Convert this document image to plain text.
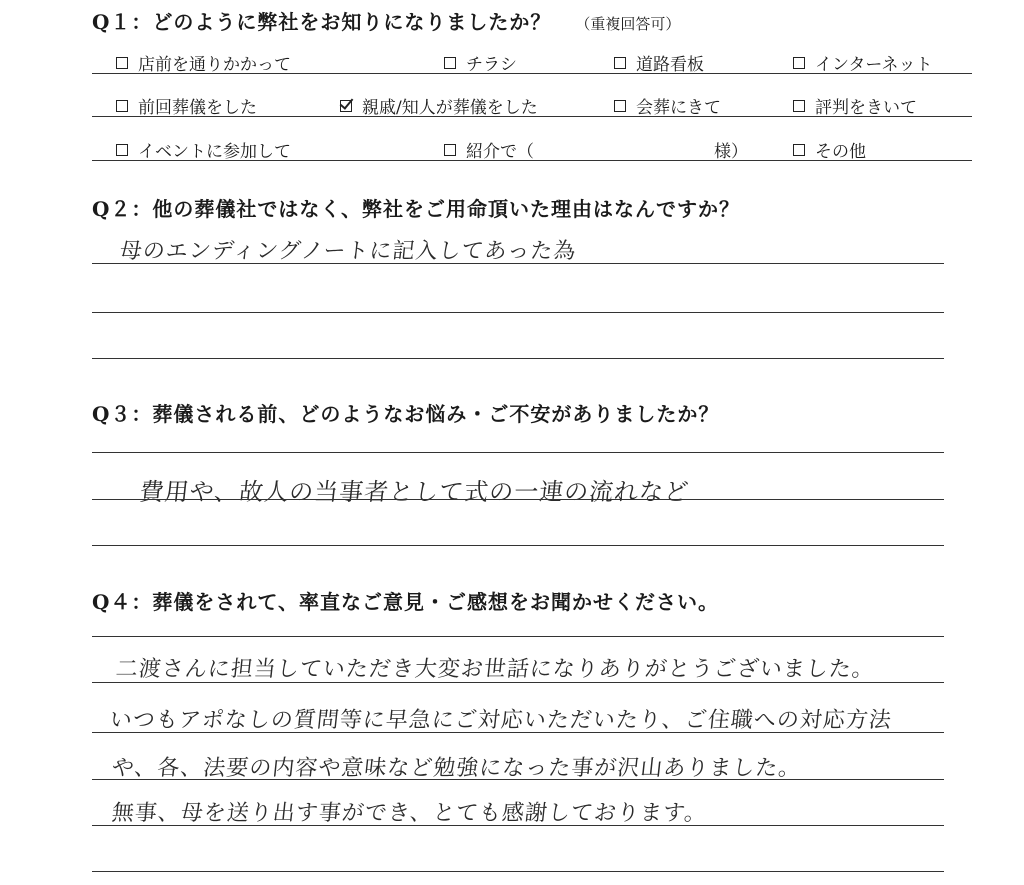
Q１：どのように弊社をお知りになりましたか？ （重複回答可）
店前を通りかかって	チラシ	道路看板	インターネット
前回葬儀をした	親戚/知人が葬儀をした	会葬にきて	評判をきいて
イベントに参加して	紹介で（	様）	その他
Q２：他の葬儀社ではなく、弊社をご用命頂いた理由はなんですか？
母のエンディングノートに記入してあった為
Q３：葬儀される前、どのようなお悩み・ご不安がありましたか？
費用や、故人の当事者として式の一連の流れなど
Q４：葬儀をされて、率直なご意見・ご感想をお聞かせください。
二渡さんに担当していただき大変お世話になりありがとうございました。
いつもアポなしの質問等に早急にご対応いただいたり、ご住職への対応方法
や、各、法要の内容や意味など勉強になった事が沢山ありました。
無事、母を送り出す事ができ、とても感謝しております。
